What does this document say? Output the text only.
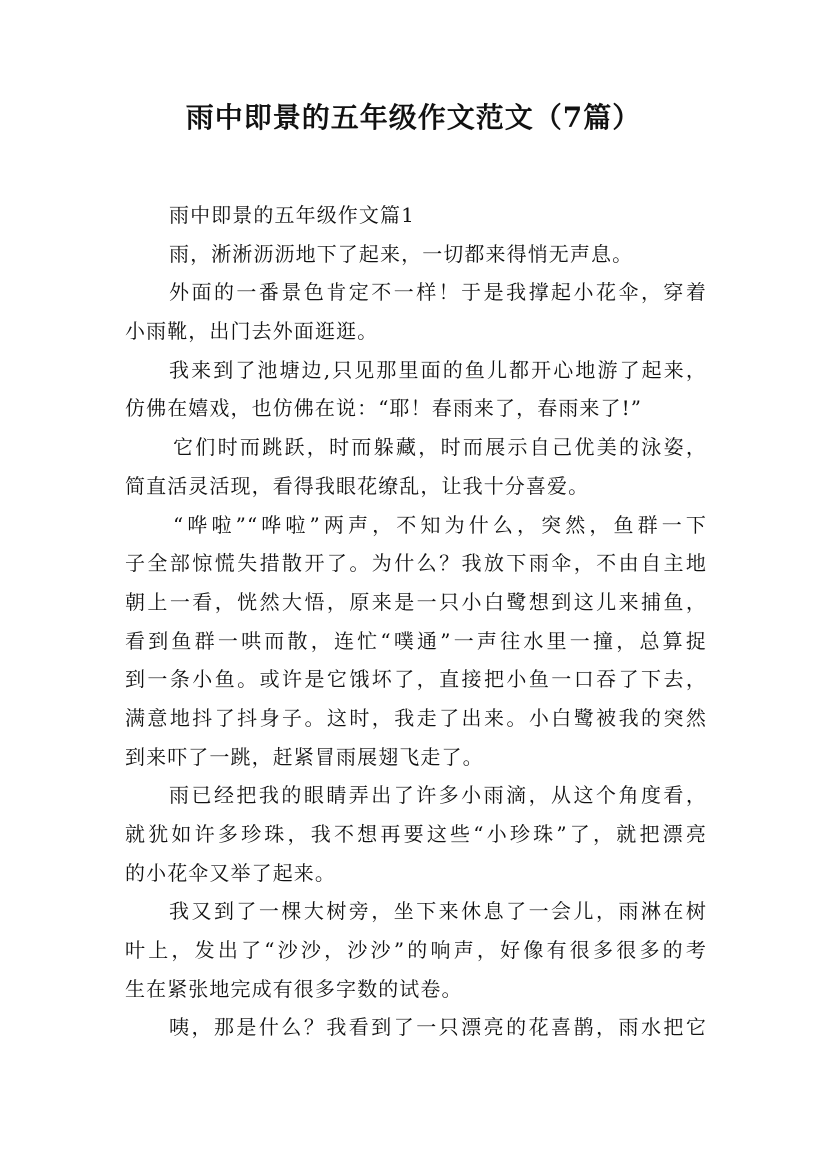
雨中即景的五年级作文范文（7篇）
雨中即景的五年级作文篇1
雨，淅淅沥沥地下了起来，一切都来得悄无声息。
外面的一番景色肯定不一样！于是我撑起小花伞，穿着
小雨靴，出门去外面逛逛。
我来到了池塘边,只见那里面的鱼儿都开心地游了起来，
仿佛在嬉戏，也仿佛在说：“耶！春雨来了，春雨来了!”
它们时而跳跃，时而躲藏，时而展示自己优美的泳姿，
简直活灵活现，看得我眼花缭乱，让我十分喜爱。
“哗啦”“哗啦”两声，不知为什么，突然，鱼群一下
子全部惊慌失措散开了。为什么？我放下雨伞，不由自主地
朝上一看，恍然大悟，原来是一只小白鹭想到这儿来捕鱼，
看到鱼群一哄而散，连忙“噗通”一声往水里一撞，总算捉
到一条小鱼。或许是它饿坏了，直接把小鱼一口吞了下去，
满意地抖了抖身子。这时，我走了出来。小白鹭被我的突然
到来吓了一跳，赶紧冒雨展翅飞走了。
雨已经把我的眼睛弄出了许多小雨滴，从这个角度看，
就犹如许多珍珠，我不想再要这些“小珍珠”了，就把漂亮
的小花伞又举了起来。
我又到了一棵大树旁，坐下来休息了一会儿，雨淋在树
叶上，发出了“沙沙，沙沙”的响声，好像有很多很多的考
生在紧张地完成有很多字数的试卷。
咦，那是什么？我看到了一只漂亮的花喜鹊，雨水把它
